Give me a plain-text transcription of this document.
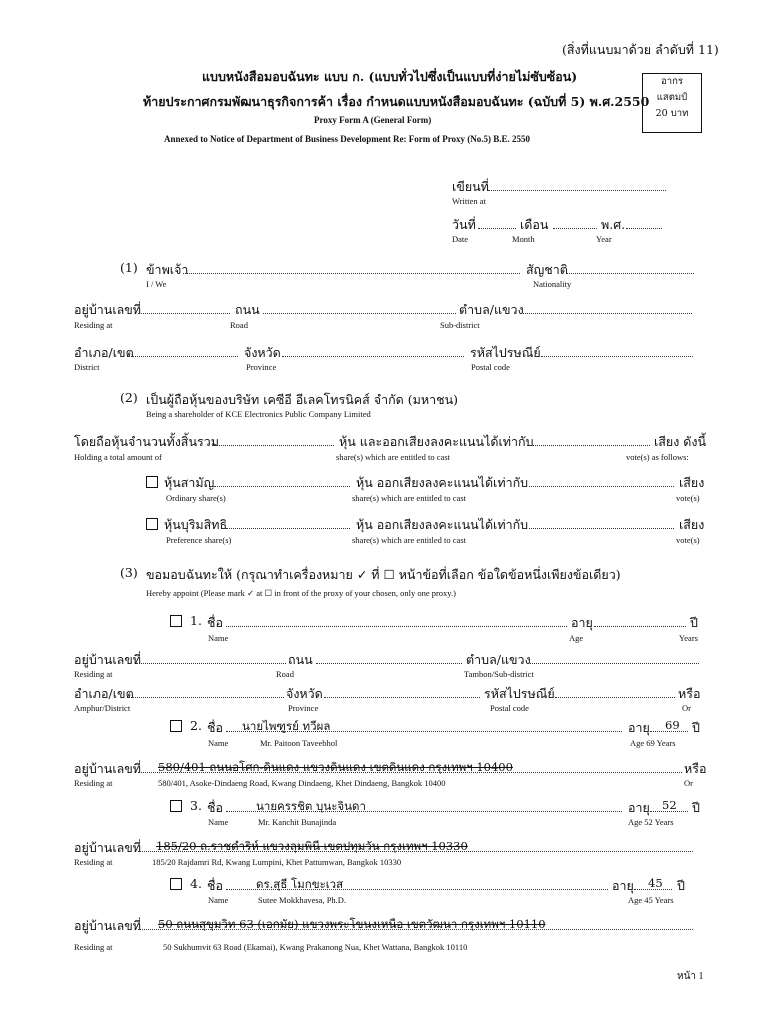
(สิ่งที่แนบมาด้วย ลำดับที่ 11)
แบบหนังสือมอบฉันทะ แบบ ก. (แบบทั่วไปซึ่งเป็นแบบที่ง่ายไม่ซับซ้อน)
ท้ายประกาศกรมพัฒนาธุรกิจการค้า เรื่อง กำหนดแบบหนังสือมอบฉันทะ (ฉบับที่ 5) พ.ศ.2550
Proxy Form A (General Form)
Annexed to Notice of Department of Business Development Re: Form of Proxy (No.5) B.E. 2550
อากร
แสตมป์
20 บาท
เขียนที่
Written at
วันที่	เดือน	พ.ศ.
Date	Month	Year
(1) ข้าพเจ้า	สัญชาติ
I / We	Nationality
อยู่บ้านเลขที่	ถนน	ตำบล/แขวง
Residing at	Road	Sub-district
อำเภอ/เขต	จังหวัด	รหัสไปรษณีย์
District	Province	Postal code
(2) เป็นผู้ถือหุ้นของบริษัท เคซีอี อีเลคโทรนิคส์ จำกัด (มหาชน)
Being a shareholder of KCE Electronics Public Company Limited
โดยถือหุ้นจำนวนทั้งสิ้นรวม	หุ้น และออกเสียงลงคะแนนได้เท่ากับ	เสียง ดังนี้
Holding a total amount of	share(s) which are entitled to cast	vote(s) as follows:
หุ้นสามัญ	หุ้น ออกเสียงลงคะแนนได้เท่ากับ	เสียง
Ordinary share(s)	share(s) which are entitled to cast	vote(s)
หุ้นบุริมสิทธิ	หุ้น ออกเสียงลงคะแนนได้เท่ากับ	เสียง
Preference share(s)	share(s) which are entitled to cast	vote(s)
(3) ขอมอบฉันทะให้ (กรุณาทำเครื่องหมาย ✓ ที่ ☐ หน้าข้อที่เลือก ข้อใดข้อหนึ่งเพียงข้อเดียว)
Hereby appoint (Please mark ✓ at ☐ in front of the proxy of your chosen, only one proxy.)
1. ชื่อ	อายุ	ปี
Name	Age	Years
อยู่บ้านเลขที่	ถนน	ตำบล/แขวง
Residing at	Road	Tambon/Sub-district
อำเภอ/เขต	จังหวัด	รหัสไปรษณีย์	หรือ
Amphur/District	Province	Postal code	Or
2. ชื่อ นายไพฑูรย์ ทวีผล	อายุ 69 ปี
Name	Mr. Paitoon Taveebhol	Age 69 Years
อยู่บ้านเลขที่ 580/401 ถนนอโศก-ดินแดง แขวงดินแดง เขตดินแดง กรุงเทพฯ 10400	หรือ
Residing at	580/401, Asoke-Dindaeng Road, Kwang Dindaeng, Khet Dindaeng, Bangkok 10400	Or
3. ชื่อ	นายครรชิต บุนะจินดา	อายุ 52 ปี
Name	Mr. Kanchit Bunajinda	Age 52 Years
อยู่บ้านเลขที่ 185/20 ถ.ราชดำริห์ แขวงลุมพินี เขตปทุมวัน กรุงเทพฯ 10330
Residing at	185/20 Rajdamri Rd, Kwang Lumpini, Khet Pattumwan, Bangkok 10330
4. ชื่อ	ดร.สุธี โมกขะเวส	อายุ 45 ปี
Name	Sutee Mokkhavesa, Ph.D.	Age 45 Years
อยู่บ้านเลขที่ 50 ถนนสุขุมวิท 63 (เอกมัย) แขวงพระโขนงเหนือ เขตวัฒนา กรุงเทพฯ 10110
Residing at	50 Sukhumvit 63 Road (Ekamai), Kwang Prakanong Nua, Khet Wattana, Bangkok 10110
หน้า 1
